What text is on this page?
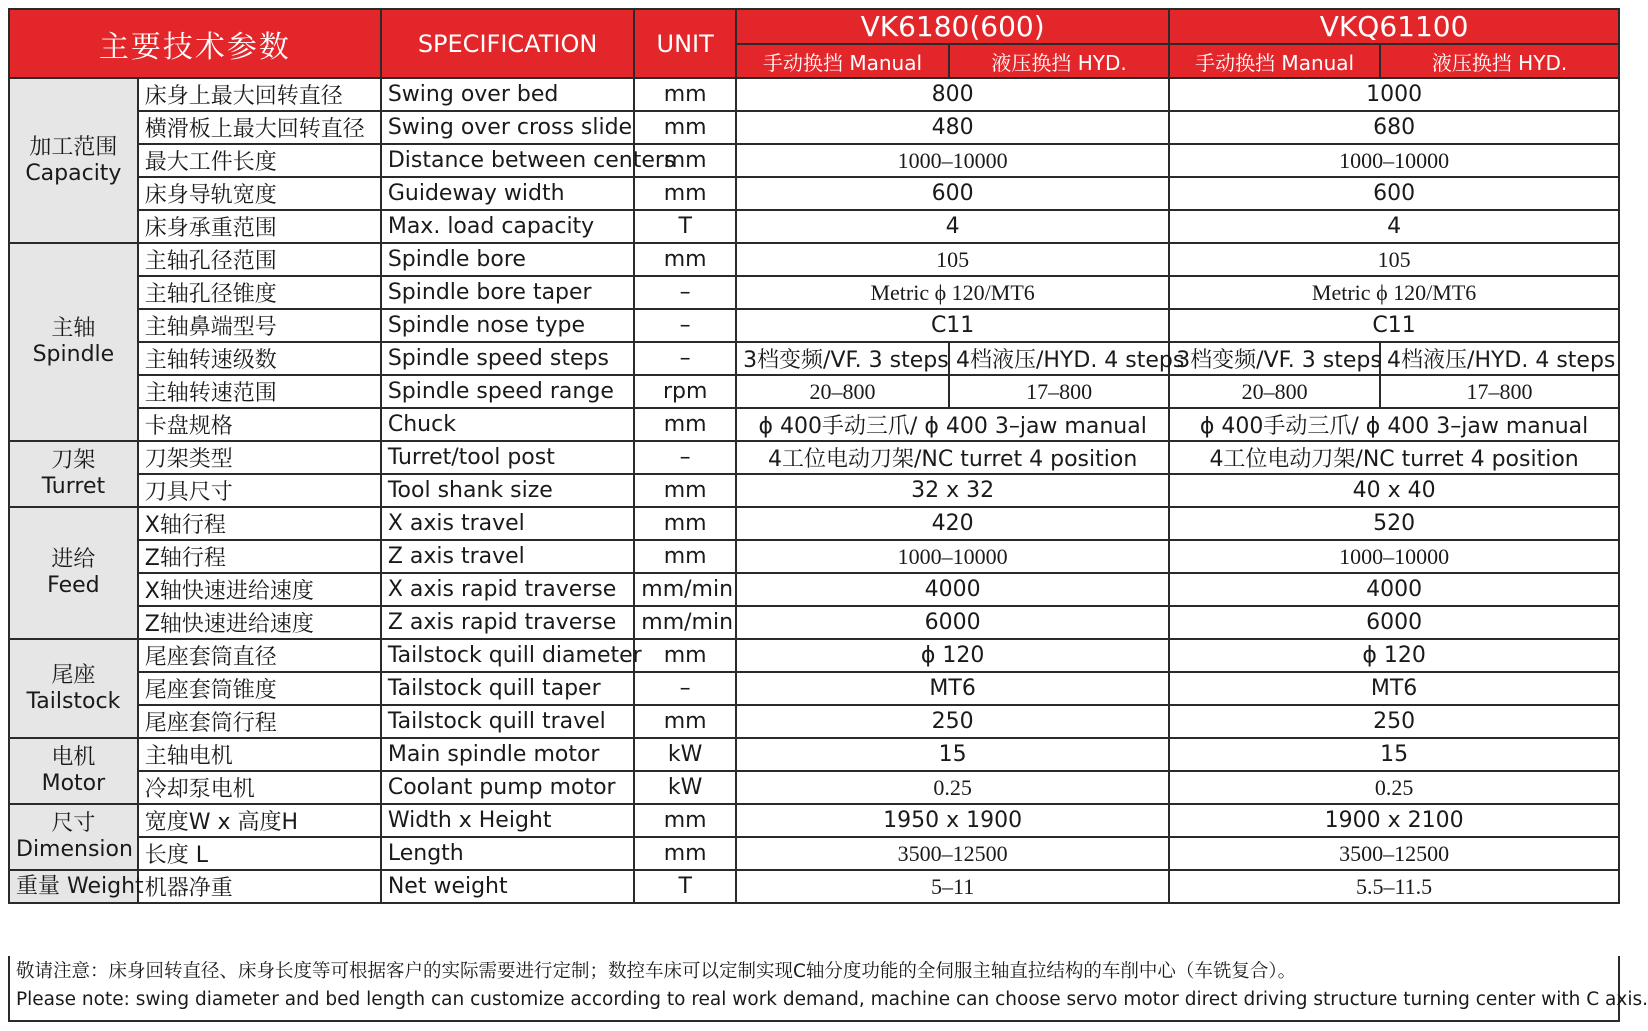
主要技术参数		SPECIFICATION	UNIT	VK6180(600)		VKQ61100	
				手动换挡 Manual	液压换挡 HYD.	手动换挡 Manual	液压换挡 HYD.
加工范围
Capacity	床身上最大回转直径	Swing over bed	mm	800		1000	
	横滑板上最大回转直径	Swing over cross slide	mm	480		680	
	最大工件长度	Distance between centers	mm	1000–10000		1000–10000	
	床身导轨宽度	Guideway width	mm	600		600	
	床身承重范围	Max. load capacity	T	4		4	
主轴
Spindle	主轴孔径范围	Spindle bore	mm	105		105	
	主轴孔径锥度	Spindle bore taper	–	Metric ϕ 120/MT6		Metric ϕ 120/MT6	
	主轴鼻端型号	Spindle nose type	–	C11		C11	
	主轴转速级数	Spindle speed steps	–	3档变频/VF. 3 steps	4档液压/HYD. 4 steps	3档变频/VF. 3 steps	4档液压/HYD. 4 steps
	主轴转速范围	Spindle speed range	rpm	20–800	17–800	20–800	17–800
	卡盘规格	Chuck	mm	ϕ 400手动三爪/ ϕ 400 3–jaw manual		ϕ 400手动三爪/ ϕ 400 3–jaw manual	
刀架
Turret	刀架类型	Turret/tool post	–	4工位电动刀架/NC turret 4 position		4工位电动刀架/NC turret 4 position	
	刀具尺寸	Tool shank size	mm	32 x 32		40 x 40	
进给
Feed	X轴行程	X axis travel	mm	420		520	
	Z轴行程	Z axis travel	mm	1000–10000		1000–10000	
	X轴快速进给速度	X axis rapid traverse	mm/min	4000		4000	
	Z轴快速进给速度	Z axis rapid traverse	mm/min	6000		6000	
尾座
Tailstock	尾座套筒直径	Tailstock quill diameter	mm	ϕ 120		ϕ 120	
	尾座套筒锥度	Tailstock quill taper	–	MT6		MT6	
	尾座套筒行程	Tailstock quill travel	mm	250		250	
电机
Motor	主轴电机	Main spindle motor	kW	15		15	
	冷却泵电机	Coolant pump motor	kW	0.25		0.25	
尺寸
Dimension	宽度W x 高度H	Width x Height	mm	1950 x 1900		1900 x 2100	
	长度 L	Length	mm	3500–12500		3500–12500	
重量 Weight	机器净重	Net weight	T	5–11		5.5–11.5	
敬请注意：床身回转直径、床身长度等可根据客户的实际需要进行定制；数控车床可以定制实现C轴分度功能的全伺服主轴直拉结构的车削中心（车铣复合）。
Please note: swing diameter and bed length can customize according to real work demand, machine can choose servo motor direct driving structure turning center with C axis.
